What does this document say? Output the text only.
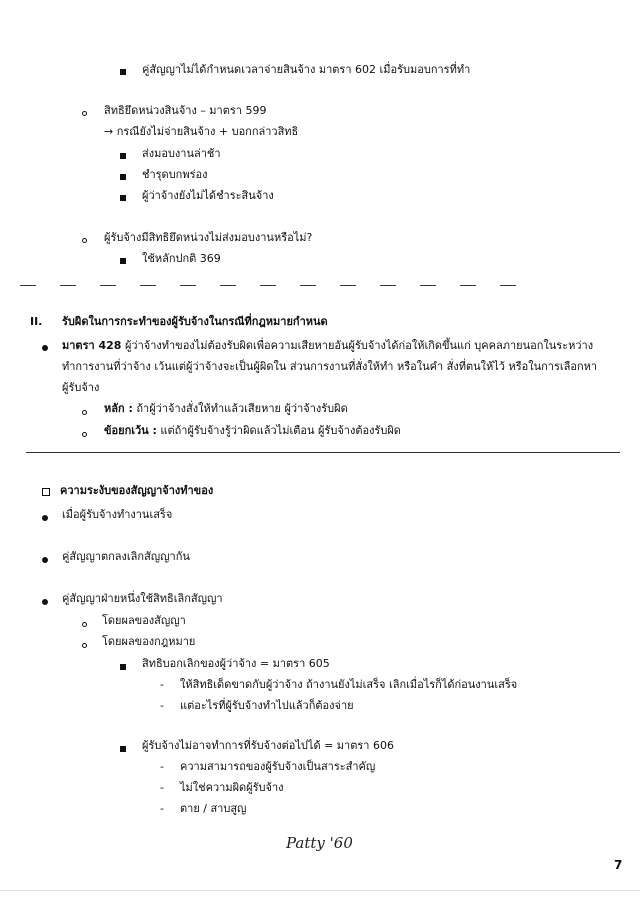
คู่สัญญาไม่ได้กำหนดเวลาจ่ายสินจ้าง มาตรา 602 เมื่อรับมอบการที่ทำ
สิทธิยึดหน่วงสินจ้าง – มาตรา 599
→ กรณียังไม่จ่ายสินจ้าง + บอกกล่าวสิทธิ
ส่งมอบงานล่าช้า
ชำรุดบกพร่อง
ผู้ว่าจ้างยังไม่ได้ชำระสินจ้าง
ผู้รับจ้างมีสิทธิยึดหน่วงไม่ส่งมอบงานหรือไม่?
ใช้หลักปกติ 369
II. รับผิดในการกระทำของผู้รับจ้างในกรณีที่กฎหมายกำหนด
มาตรา 428 ผู้ว่าจ้างทำของไม่ต้องรับผิดเพื่อความเสียหายอันผู้รับจ้างได้ก่อให้เกิดขึ้นแก่ บุคคลภายนอกในระหว่าง
ทำการงานที่ว่าจ้าง เว้นแต่ผู้ว่าจ้างจะเป็นผู้ผิดใน ส่วนการงานที่สั่งให้ทำ หรือในคำ สั่งที่ตนให้ไว้ หรือในการเลือกหา
ผู้รับจ้าง
หลัก : ถ้าผู้ว่าจ้างสั่งให้ทำแล้วเสียหาย ผู้ว่าจ้างรับผิด
ข้อยกเว้น : แต่ถ้าผู้รับจ้างรู้ว่าผิดแล้วไม่เตือน ผู้รับจ้างต้องรับผิด
ความระงับของสัญญาจ้างทำของ
เมื่อผู้รับจ้างทำงานเสร็จ
คู่สัญญาตกลงเลิกสัญญากัน
คู่สัญญาฝ่ายหนึ่งใช้สิทธิเลิกสัญญา
โดยผลของสัญญา
โดยผลของกฎหมาย
สิทธิบอกเลิกของผู้ว่าจ้าง = มาตรา 605
- ให้สิทธิเด็ดขาดกับผู้ว่าจ้าง ถ้างานยังไม่เสร็จ เลิกเมื่อไรก็ได้ก่อนงานเสร็จ
- แต่อะไรที่ผู้รับจ้างทำไปแล้วก็ต้องจ่าย
ผู้รับจ้างไม่อาจทำการที่รับจ้างต่อไปได้ = มาตรา 606
- ความสามารถของผู้รับจ้างเป็นสาระสำคัญ
- ไม่ใช่ความผิดผู้รับจ้าง
- ตาย / สาบสูญ
Patty '60
7
